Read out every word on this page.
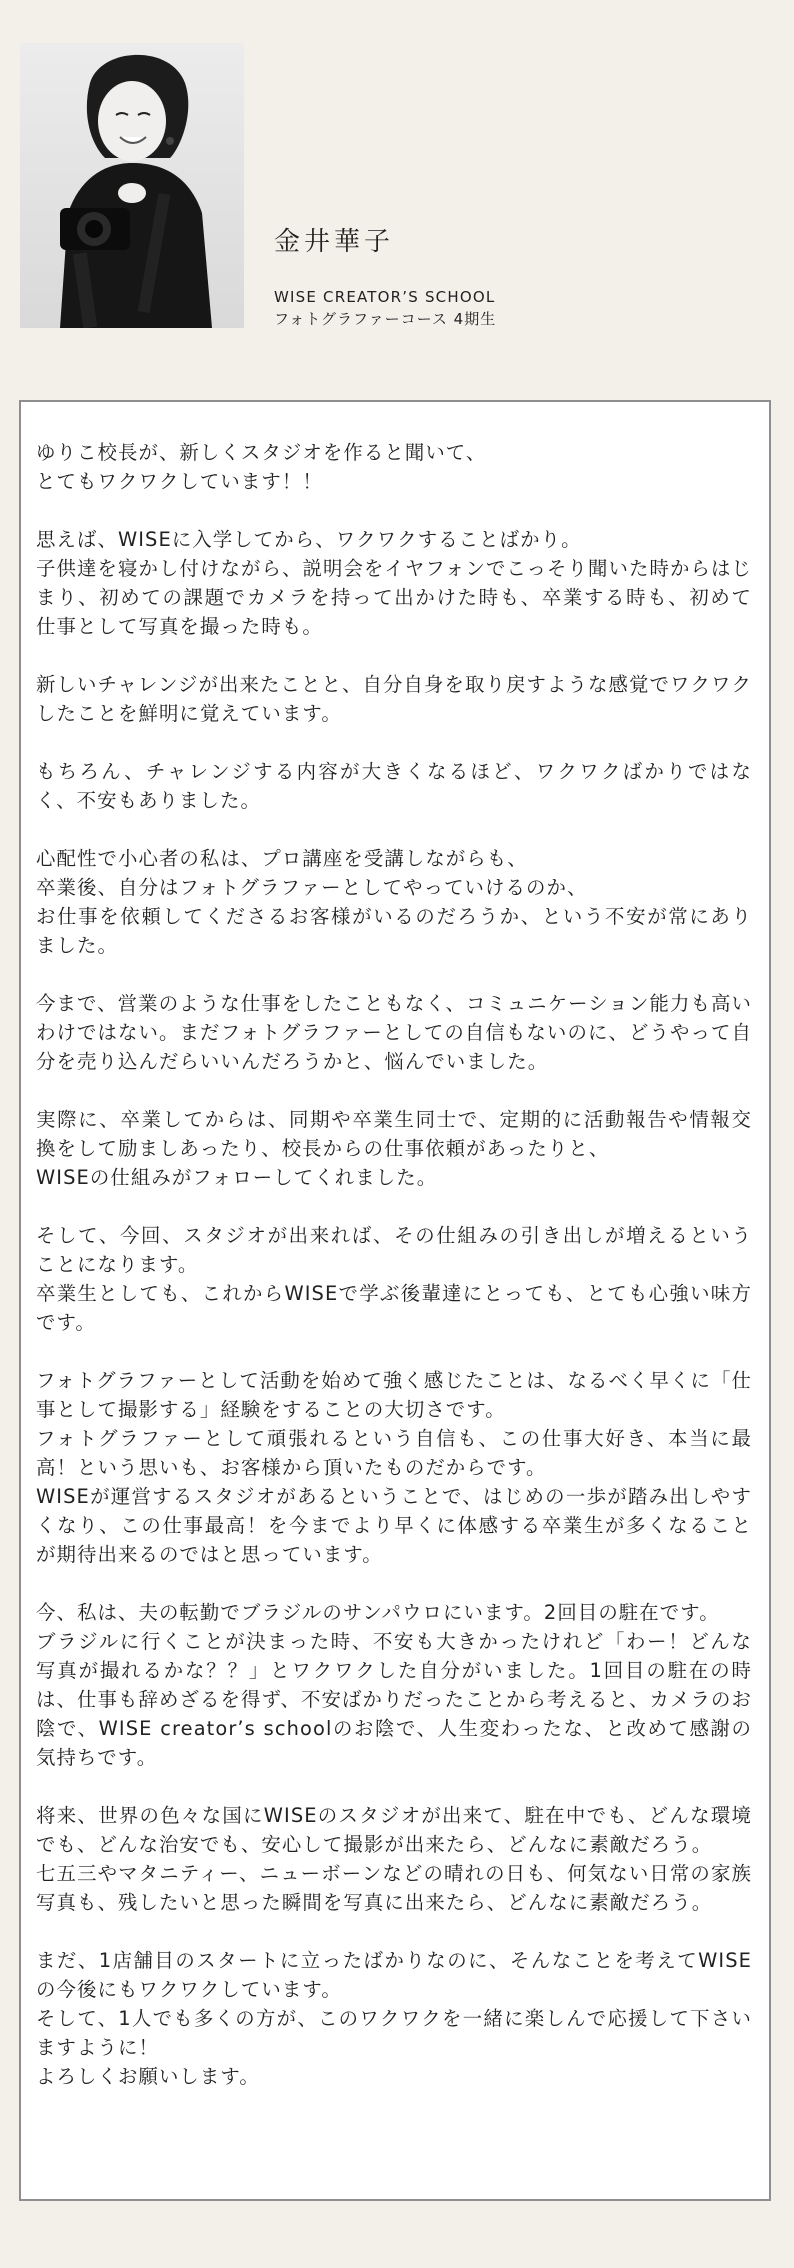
金井華子

WISE CREATOR’S SCHOOL

フォトグラファーコース 4期生

ゆりこ校長が、新しくスタジオを作ると聞いて、
とてもワクワクしています！！

思えば、WISEに入学してから、ワクワクすることばかり。
子供達を寝かし付けながら、説明会をイヤフォンでこっそり聞いた時からはじまり、初めての課題でカメラを持って出かけた時も、卒業する時も、初めて仕事として写真を撮った時も。

新しいチャレンジが出来たことと、自分自身を取り戻すような感覚でワクワクしたことを鮮明に覚えています。

もちろん、チャレンジする内容が大きくなるほど、ワクワクばかりではなく、不安もありました。

心配性で小心者の私は、プロ講座を受講しながらも、
卒業後、自分はフォトグラファーとしてやっていけるのか、
お仕事を依頼してくださるお客様がいるのだろうか、という不安が常にありました。

今まで、営業のような仕事をしたこともなく、コミュニケーション能力も高いわけではない。まだフォトグラファーとしての自信もないのに、どうやって自分を売り込んだらいいんだろうかと、悩んでいました。

実際に、卒業してからは、同期や卒業生同士で、定期的に活動報告や情報交換をして励ましあったり、校長からの仕事依頼があったりと、
WISEの仕組みがフォローしてくれました。

そして、今回、スタジオが出来れば、その仕組みの引き出しが増えるということになります。
卒業生としても、これからWISEで学ぶ後輩達にとっても、とても心強い味方です。

フォトグラファーとして活動を始めて強く感じたことは、なるべく早くに「仕事として撮影する」経験をすることの大切さです。
フォトグラファーとして頑張れるという自信も、この仕事大好き、本当に最高！という思いも、お客様から頂いたものだからです。
WISEが運営するスタジオがあるということで、はじめの一歩が踏み出しやすくなり、この仕事最高！を今までより早くに体感する卒業生が多くなることが期待出来るのではと思っています。

今、私は、夫の転勤でブラジルのサンパウロにいます。2回目の駐在です。
ブラジルに行くことが決まった時、不安も大きかったけれど「わー！どんな写真が撮れるかな？？」とワクワクした自分がいました。1回目の駐在の時は、仕事も辞めざるを得ず、不安ばかりだったことから考えると、カメラのお陰で、WISE creator’s schoolのお陰で、人生変わったな、と改めて感謝の気持ちです。

将来、世界の色々な国にWISEのスタジオが出来て、駐在中でも、どんな環境でも、どんな治安でも、安心して撮影が出来たら、どんなに素敵だろう。
七五三やマタニティー、ニューボーンなどの晴れの日も、何気ない日常の家族写真も、残したいと思った瞬間を写真に出来たら、どんなに素敵だろう。

まだ、1店舗目のスタートに立ったばかりなのに、そんなことを考えてWISEの今後にもワクワクしています。
そして、1人でも多くの方が、このワクワクを一緒に楽しんで応援して下さいますように！
よろしくお願いします。
